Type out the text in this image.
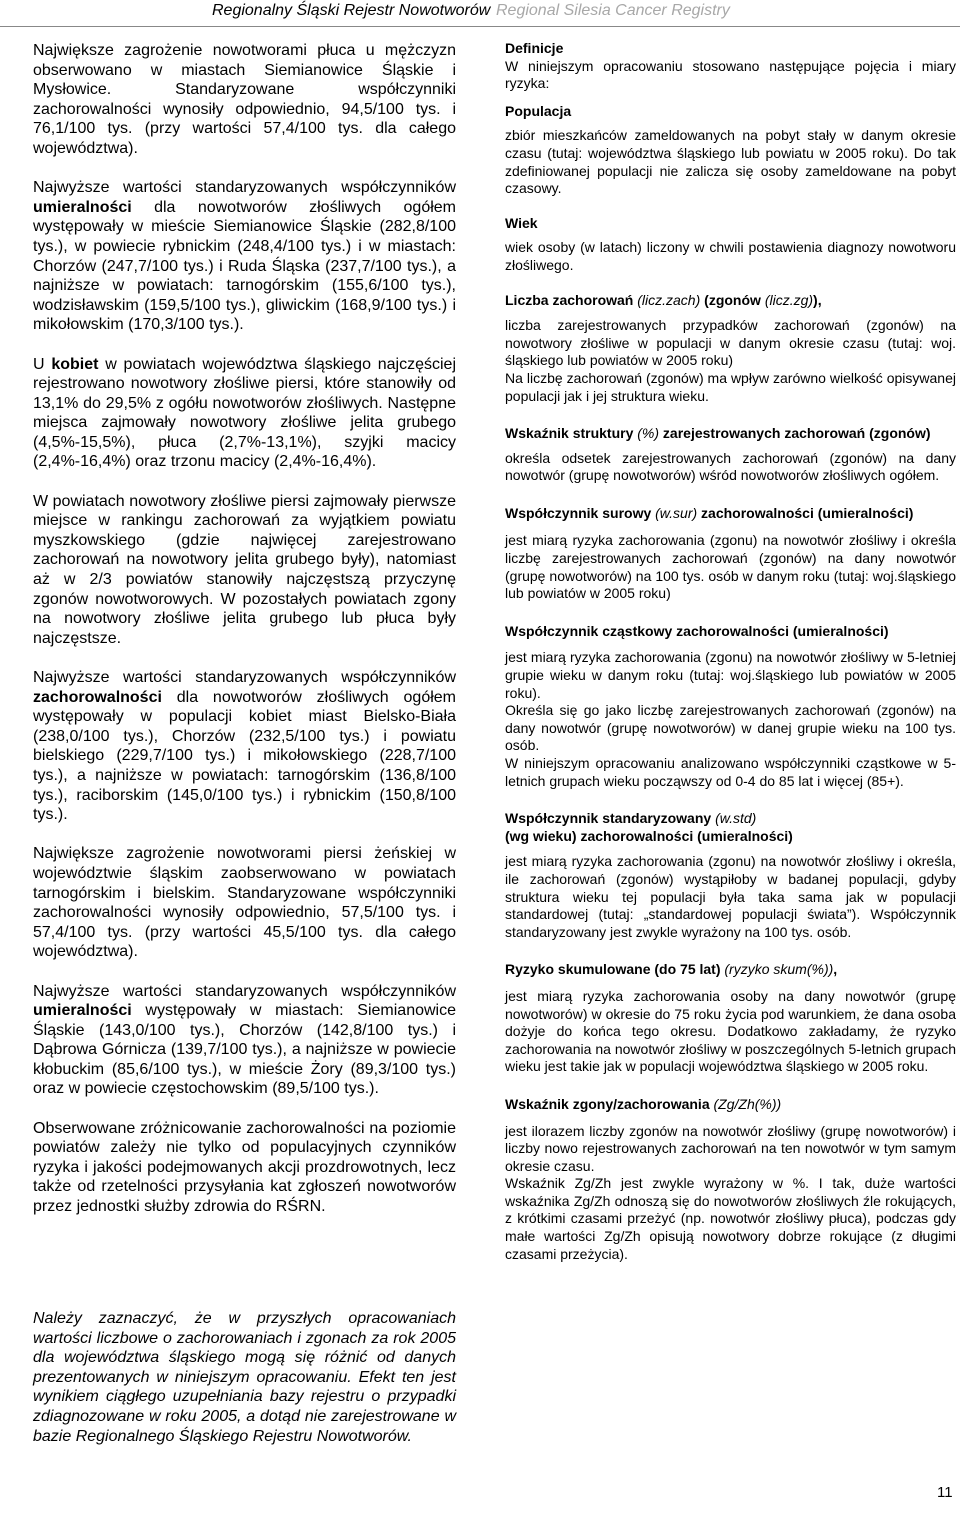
Regionalny Śląski Rejestr Nowotworów Regional Silesia Cancer Registry

Największe zagrożenie nowotworami płuca u mężczyzn obserwowano w miastach Siemianowice Śląskie i Mysłowice. Standaryzowane współczynniki zachorowalności wynosiły odpowiednio, 94,5/100 tys. i 76,1/100 tys. (przy wartości 57,4/100 tys. dla całego województwa).

Najwyższe wartości standaryzowanych współczynników umieralności dla nowotworów złośliwych ogółem występowały w mieście Siemianowice Śląskie (282,8/100 tys.), w powiecie rybnickim (248,4/100 tys.) i w miastach: Chorzów (247,7/100 tys.) i Ruda Śląska (237,7/100 tys.), a najniższe w powiatach: tarnogórskim (155,6/100 tys.), wodzisławskim (159,5/100 tys.), gliwickim (168,9/100 tys.) i mikołowskim (170,3/100 tys.).

U kobiet w powiatach województwa śląskiego najczęściej rejestrowano nowotwory złośliwe piersi, które stanowiły od 13,1% do 29,5% z ogółu nowotworów złośliwych. Następne miejsca zajmowały nowotwory złośliwe jelita grubego (4,5%-15,5%), płuca (2,7%-13,1%), szyjki macicy (2,4%-16,4%) oraz trzonu macicy (2,4%-16,4%).

W powiatach nowotwory złośliwe piersi zajmowały pierwsze miejsce w rankingu zachorowań za wyjątkiem powiatu myszkowskiego (gdzie najwięcej zarejestrowano zachorowań na nowotwory jelita grubego były), natomiast aż w 2/3 powiatów stanowiły najczęstszą przyczynę zgonów nowotworowych. W pozostałych powiatach zgony na nowotwory złośliwe jelita grubego lub płuca były najczęstsze.

Najwyższe wartości standaryzowanych współczynników zachorowalności dla nowotworów złośliwych ogółem występowały w populacji kobiet miast Bielsko-Biała (238,0/100 tys.), Chorzów (232,5/100 tys.) i powiatu bielskiego (229,7/100 tys.) i mikołowskiego (228,7/100 tys.), a najniższe w powiatach: tarnogórskim (136,8/100 tys.), raciborskim (145,0/100 tys.) i rybnickim (150,8/100 tys.).

Największe zagrożenie nowotworami piersi żeńskiej w województwie śląskim zaobserwowano w powiatach tarnogórskim i bielskim. Standaryzowane współczynniki zachorowalności wynosiły odpowiednio, 57,5/100 tys. i 57,4/100 tys. (przy wartości 45,5/100 tys. dla całego województwa).

Najwyższe wartości standaryzowanych współczynników umieralności występowały w miastach: Siemianowice Śląskie (143,0/100 tys.), Chorzów (142,8/100 tys.) i Dąbrowa Górnicza (139,7/100 tys.), a najniższe w powiecie kłobuckim (85,6/100 tys.), w mieście Żory (89,3/100 tys.) oraz w powiecie częstochowskim (89,5/100 tys.).

Obserwowane zróżnicowanie zachorowalności na poziomie powiatów zależy nie tylko od populacyjnych czynników ryzyka i jakości podejmowanych akcji prozdrowotnych, lecz także od rzetelności przysyłania kat zgłoszeń nowotworów przez jednostki służby zdrowia do RŚRN.

Należy zaznaczyć, że w przyszłych opracowaniach wartości liczbowe o zachorowaniach i zgonach za rok 2005 dla województwa śląskiego mogą się różnić od danych prezentowanych w niniejszym opracowaniu. Efekt ten jest wynikiem ciągłego uzupełniania bazy rejestru o przypadki zdiagnozowane w roku 2005, a dotąd nie zarejestrowane w bazie Regionalnego Śląskiego Rejestru Nowotworów.

Definicje

W niniejszym opracowaniu stosowano następujące pojęcia i miary ryzyka:

Populacja

zbiór mieszkańców zameldowanych na pobyt stały w danym okresie czasu (tutaj: województwa śląskiego lub powiatu w 2005 roku). Do tak zdefiniowanej populacji nie zalicza się osoby zameldowane na pobyt czasowy.

Wiek

wiek osoby (w latach) liczony w chwili postawienia diagnozy nowotworu złośliwego.

Liczba zachorowań (licz.zach) (zgonów (licz.zg)),

liczba zarejestrowanych przypadków zachorowań (zgonów) na nowotwory złośliwe w populacji w danym okresie czasu (tutaj: woj. śląskiego lub powiatów w 2005 roku)

Na liczbę zachorowań (zgonów) ma wpływ zarówno wielkość opisywanej populacji jak i jej struktura wieku.

Wskaźnik struktury (%) zarejestrowanych zachorowań (zgonów)

określa odsetek zarejestrowanych zachorowań (zgonów) na dany nowotwór (grupę nowotworów) wśród nowotworów złośliwych ogółem.

Współczynnik surowy (w.sur) zachorowalności (umieralności)

jest miarą ryzyka zachorowania (zgonu) na nowotwór złośliwy i określa liczbę zarejestrowanych zachorowań (zgonów) na dany nowotwór (grupę nowotworów) na 100 tys. osób w danym roku (tutaj: woj.śląskiego lub powiatów w 2005 roku)

Współczynnik cząstkowy zachorowalności (umieralności)

jest miarą ryzyka zachorowania (zgonu) na nowotwór złośliwy w 5-letniej grupie wieku w danym roku (tutaj: woj.śląskiego lub powiatów w 2005 roku).

Określa się go jako liczbę zarejestrowanych zachorowań (zgonów) na dany nowotwór (grupę nowotworów) w danej grupie wieku na 100 tys. osób.

W niniejszym opracowaniu analizowano współczynniki cząstkowe w 5-letnich grupach wieku począwszy od 0-4 do 85 lat i więcej (85+).

Współczynnik standaryzowany (w.std)
(wg wieku) zachorowalności (umieralności)

jest miarą ryzyka zachorowania (zgonu) na nowotwór złośliwy i określa, ile zachorowań (zgonów) wystąpiłoby w badanej populacji, gdyby struktura wieku tej populacji była taka sama jak w populacji standardowej (tutaj: „standardowej populacji świata”). Współczynnik standaryzowany jest zwykle wyrażony na 100 tys. osób.

Ryzyko skumulowane (do 75 lat) (ryzyko skum(%)),

jest miarą ryzyka zachorowania osoby na dany nowotwór (grupę nowotworów) w okresie do 75 roku życia pod warunkiem, że dana osoba dożyje do końca tego okresu. Dodatkowo zakładamy, że ryzyko zachorowania na nowotwór złośliwy w poszczególnych 5-letnich grupach wieku jest takie jak w populacji województwa śląskiego w 2005 roku.

Wskaźnik zgony/zachorowania (Zg/Zh(%))

jest ilorazem liczby zgonów na nowotwór złośliwy (grupę nowotworów) i liczby nowo rejestrowanych zachorowań na ten nowotwór w tym samym okresie czasu.

Wskaźnik Zg/Zh jest zwykle wyrażony w %. I tak, duże wartości wskaźnika Zg/Zh odnoszą się do nowotworów złośliwych źle rokujących, z krótkimi czasami przeżyć (np. nowotwór złośliwy płuca), podczas gdy małe wartości Zg/Zh opisują nowotwory dobrze rokujące (z długimi czasami przeżycia).

11
